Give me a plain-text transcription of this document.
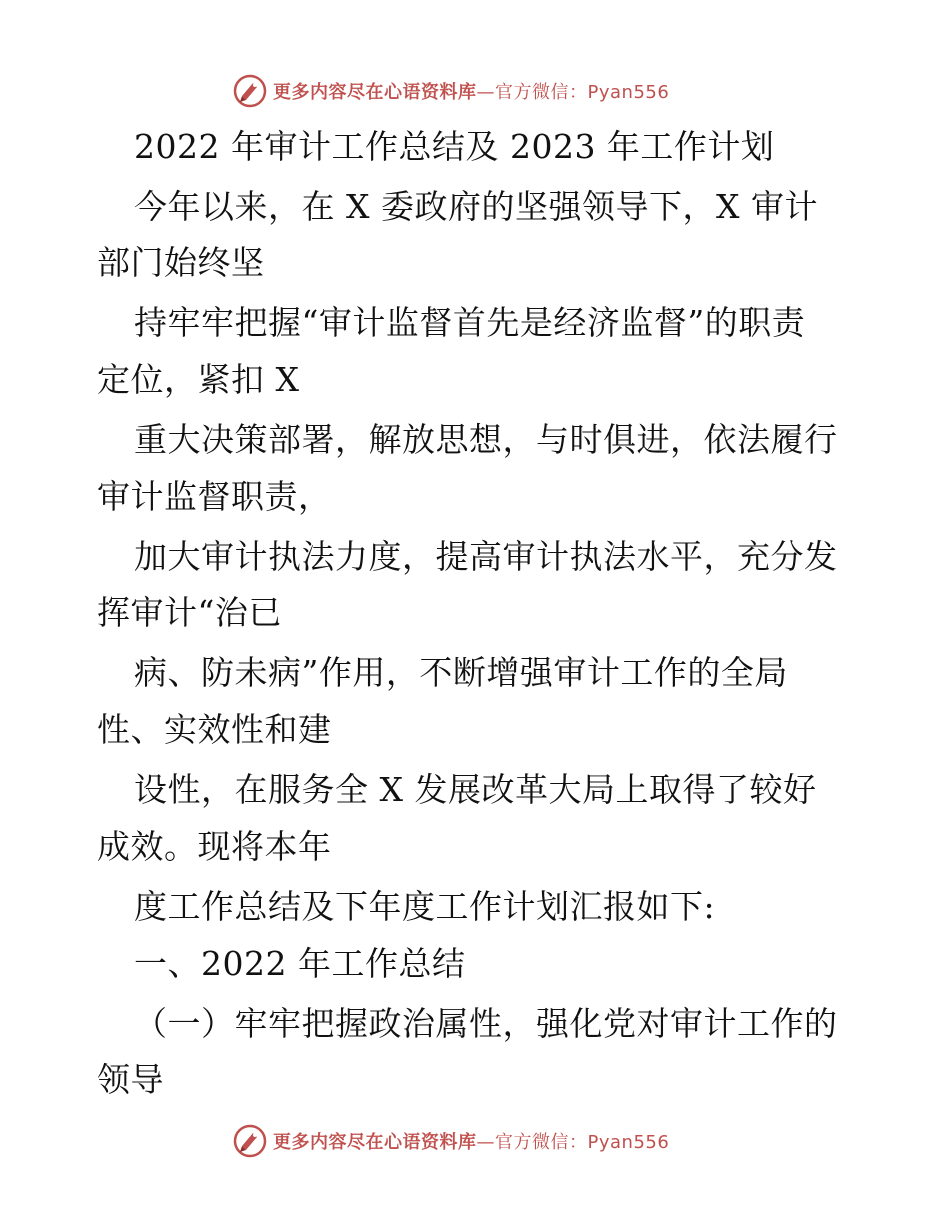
更多内容尽在心语资料库—官方微信：Pyan556
2022 年审计工作总结及 2023 年工作计划
今年以来，在 X 委政府的坚强领导下，X 审计
部门始终坚
持牢牢把握“审计监督首先是经济监督”的职责
定位，紧扣 X
重大决策部署，解放思想，与时俱进，依法履行
审计监督职责，
加大审计执法力度，提高审计执法水平，充分发
挥审计“治已
病、防未病”作用，不断增强审计工作的全局
性、实效性和建
设性，在服务全 X 发展改革大局上取得了较好
成效。现将本年
度工作总结及下年度工作计划汇报如下:
一、2022 年工作总结
（一）牢牢把握政治属性，强化党对审计工作的
领导
更多内容尽在心语资料库—官方微信：Pyan556
